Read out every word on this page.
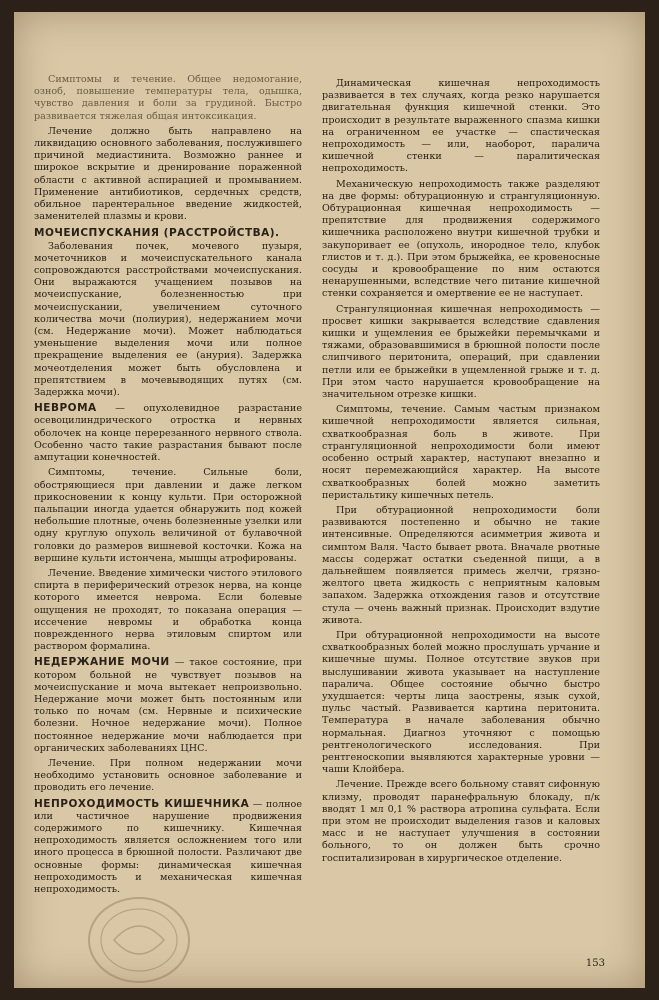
Симптомы и течение. Общее недомогание, озноб, повышение температуры тела, одышка, чувство давления и боли за грудиной. Быстро развивается тяжелая общая интоксикация.

Лечение должно быть направлено на ликвидацию основного заболевания, послужившего причиной медиастинита. Возможно раннее и широкое вскрытие и дренирование пораженной области с активной аспирацией и промыванием. Применение антибиотиков, сердечных средств, обильное парентеральное введение жидкостей, заменителей плазмы и крови.

МОЧЕИСПУСКАНИЯ (РАССТРОЙСТВА).

Заболевания почек, мочевого пузыря, мочеточников и мочеиспускательного канала сопровождаются расстройствами мочеиспускания. Они выражаются учащением позывов на мочеиспускание, болезненностью при мочеиспускании, увеличением суточного количества мочи (полиурия), недержанием мочи (см. Недержание мочи). Может наблюдаться уменьшение выделения мочи или полное прекращение выделения ее (анурия). Задержка мочеотделения может быть обусловлена и препятствием в мочевыводящих путях (см. Задержка мочи).

НЕВРОМА — опухолевидное разрастание осевоцилиндрического отростка и нервных оболочек на конце перерезанного нервного ствола. Особенно часто такие разрастания бывают после ампутации конечностей.

Симптомы, течение. Сильные боли, обостряющиеся при давлении и даже легком прикосновении к концу культи. При осторожной пальпации иногда удается обнаружить под кожей небольшие плотные, очень болезненные узелки или одну круглую опухоль величиной от булавочной головки до размеров вишневой косточки. Кожа на вершине культи истончена, мышцы атрофированы.

Лечение. Введение химически чистого этилового спирта в периферический отрезок нерва, на конце которого имеется неврома. Если болевые ощущения не проходят, то показана операция — иссечение невромы и обработка конца поврежденного нерва этиловым спиртом или раствором формалина.

НЕДЕРЖАНИЕ МОЧИ — такое состояние, при котором больной не чувствует позывов на мочеиспускание и моча вытекает непроизвольно. Недержание мочи может быть постоянным или только по ночам (см. Нервные и психические болезни. Ночное недержание мочи). Полное постоянное недержание мочи наблюдается при органических заболеваниях ЦНС.

Лечение. При полном недержании мочи необходимо установить основное заболевание и проводить его лечение.

НЕПРОХОДИМОСТЬ КИШЕЧНИКА — полное или частичное нарушение продвижения содержимого по кишечнику. Кишечная непроходимость является осложнением того или иного процесса в брюшной полости. Различают две основные формы: динамическая кишечная непроходимость и механическая кишечная непроходимость.

Динамическая кишечная непроходимость развивается в тех случаях, когда резко нарушается двигательная функция кишечной стенки. Это происходит в результате выраженного спазма кишки на ограниченном ее участке — спастическая непроходимость — или, наоборот, паралича кишечной стенки — паралитическая непроходимость.

Механическую непроходимость также разделяют на две формы: обтурационную и странгуляционную. Обтурационная кишечная непроходимость — препятствие для продвижения содержимого кишечника расположено внутри кишечной трубки и закупоривает ее (опухоль, инородное тело, клубок глистов и т. д.). При этом брыжейка, ее кровеносные сосуды и кровообращение по ним остаются ненарушенными, вследствие чего питание кишечной стенки сохраняется и омертвение ее не наступает.

Странгуляционная кишечная непроходимость — просвет кишки закрывается вследствие сдавления кишки и ущемления ее брыжейки перемычками и тяжами, образовавшимися в брюшной полости после слипчивого перитонита, операций, при сдавлении петли или ее брыжейки в ущемленной грыже и т. д. При этом часто нарушается кровообращение на значительном отрезке кишки.

Симптомы, течение. Самым частым признаком кишечной непроходимости является сильная, схваткообразная боль в животе. При странгуляционной непроходимости боли имеют особенно острый характер, наступают внезапно и носят перемежающийся характер. На высоте схваткообразных болей можно заметить перистальтику кишечных петель.

При обтурационной непроходимости боли развиваются постепенно и обычно не такие интенсивные. Определяются асимметрия живота и симптом Валя. Часто бывает рвота. Вначале рвотные массы содержат остатки съеденной пищи, а в дальнейшем появляется примесь желчи, грязно-желтого цвета жидкость с неприятным каловым запахом. Задержка отхождения газов и отсутствие стула — очень важный признак. Происходит вздутие живота.

При обтурационной непроходимости на высоте схваткообразных болей можно прослушать урчание и кишечные шумы. Полное отсутствие звуков при выслушивании живота указывает на наступление паралича. Общее состояние обычно быстро ухудшается: черты лица заострены, язык сухой, пульс частый. Развивается картина перитонита. Температура в начале заболевания обычно нормальная. Диагноз уточняют с помощью рентгенологического исследования. При рентгеноскопии выявляются характерные уровни — чаши Клойбера.

Лечение. Прежде всего больному ставят сифонную клизму, проводят паранефральную блокаду, п/к вводят 1 мл 0,1 % раствора атропина сульфата. Если при этом не происходит выделения газов и каловых масс и не наступает улучшения в состоянии больного, то он должен быть срочно госпитализирован в хирургическое отделение.

153
